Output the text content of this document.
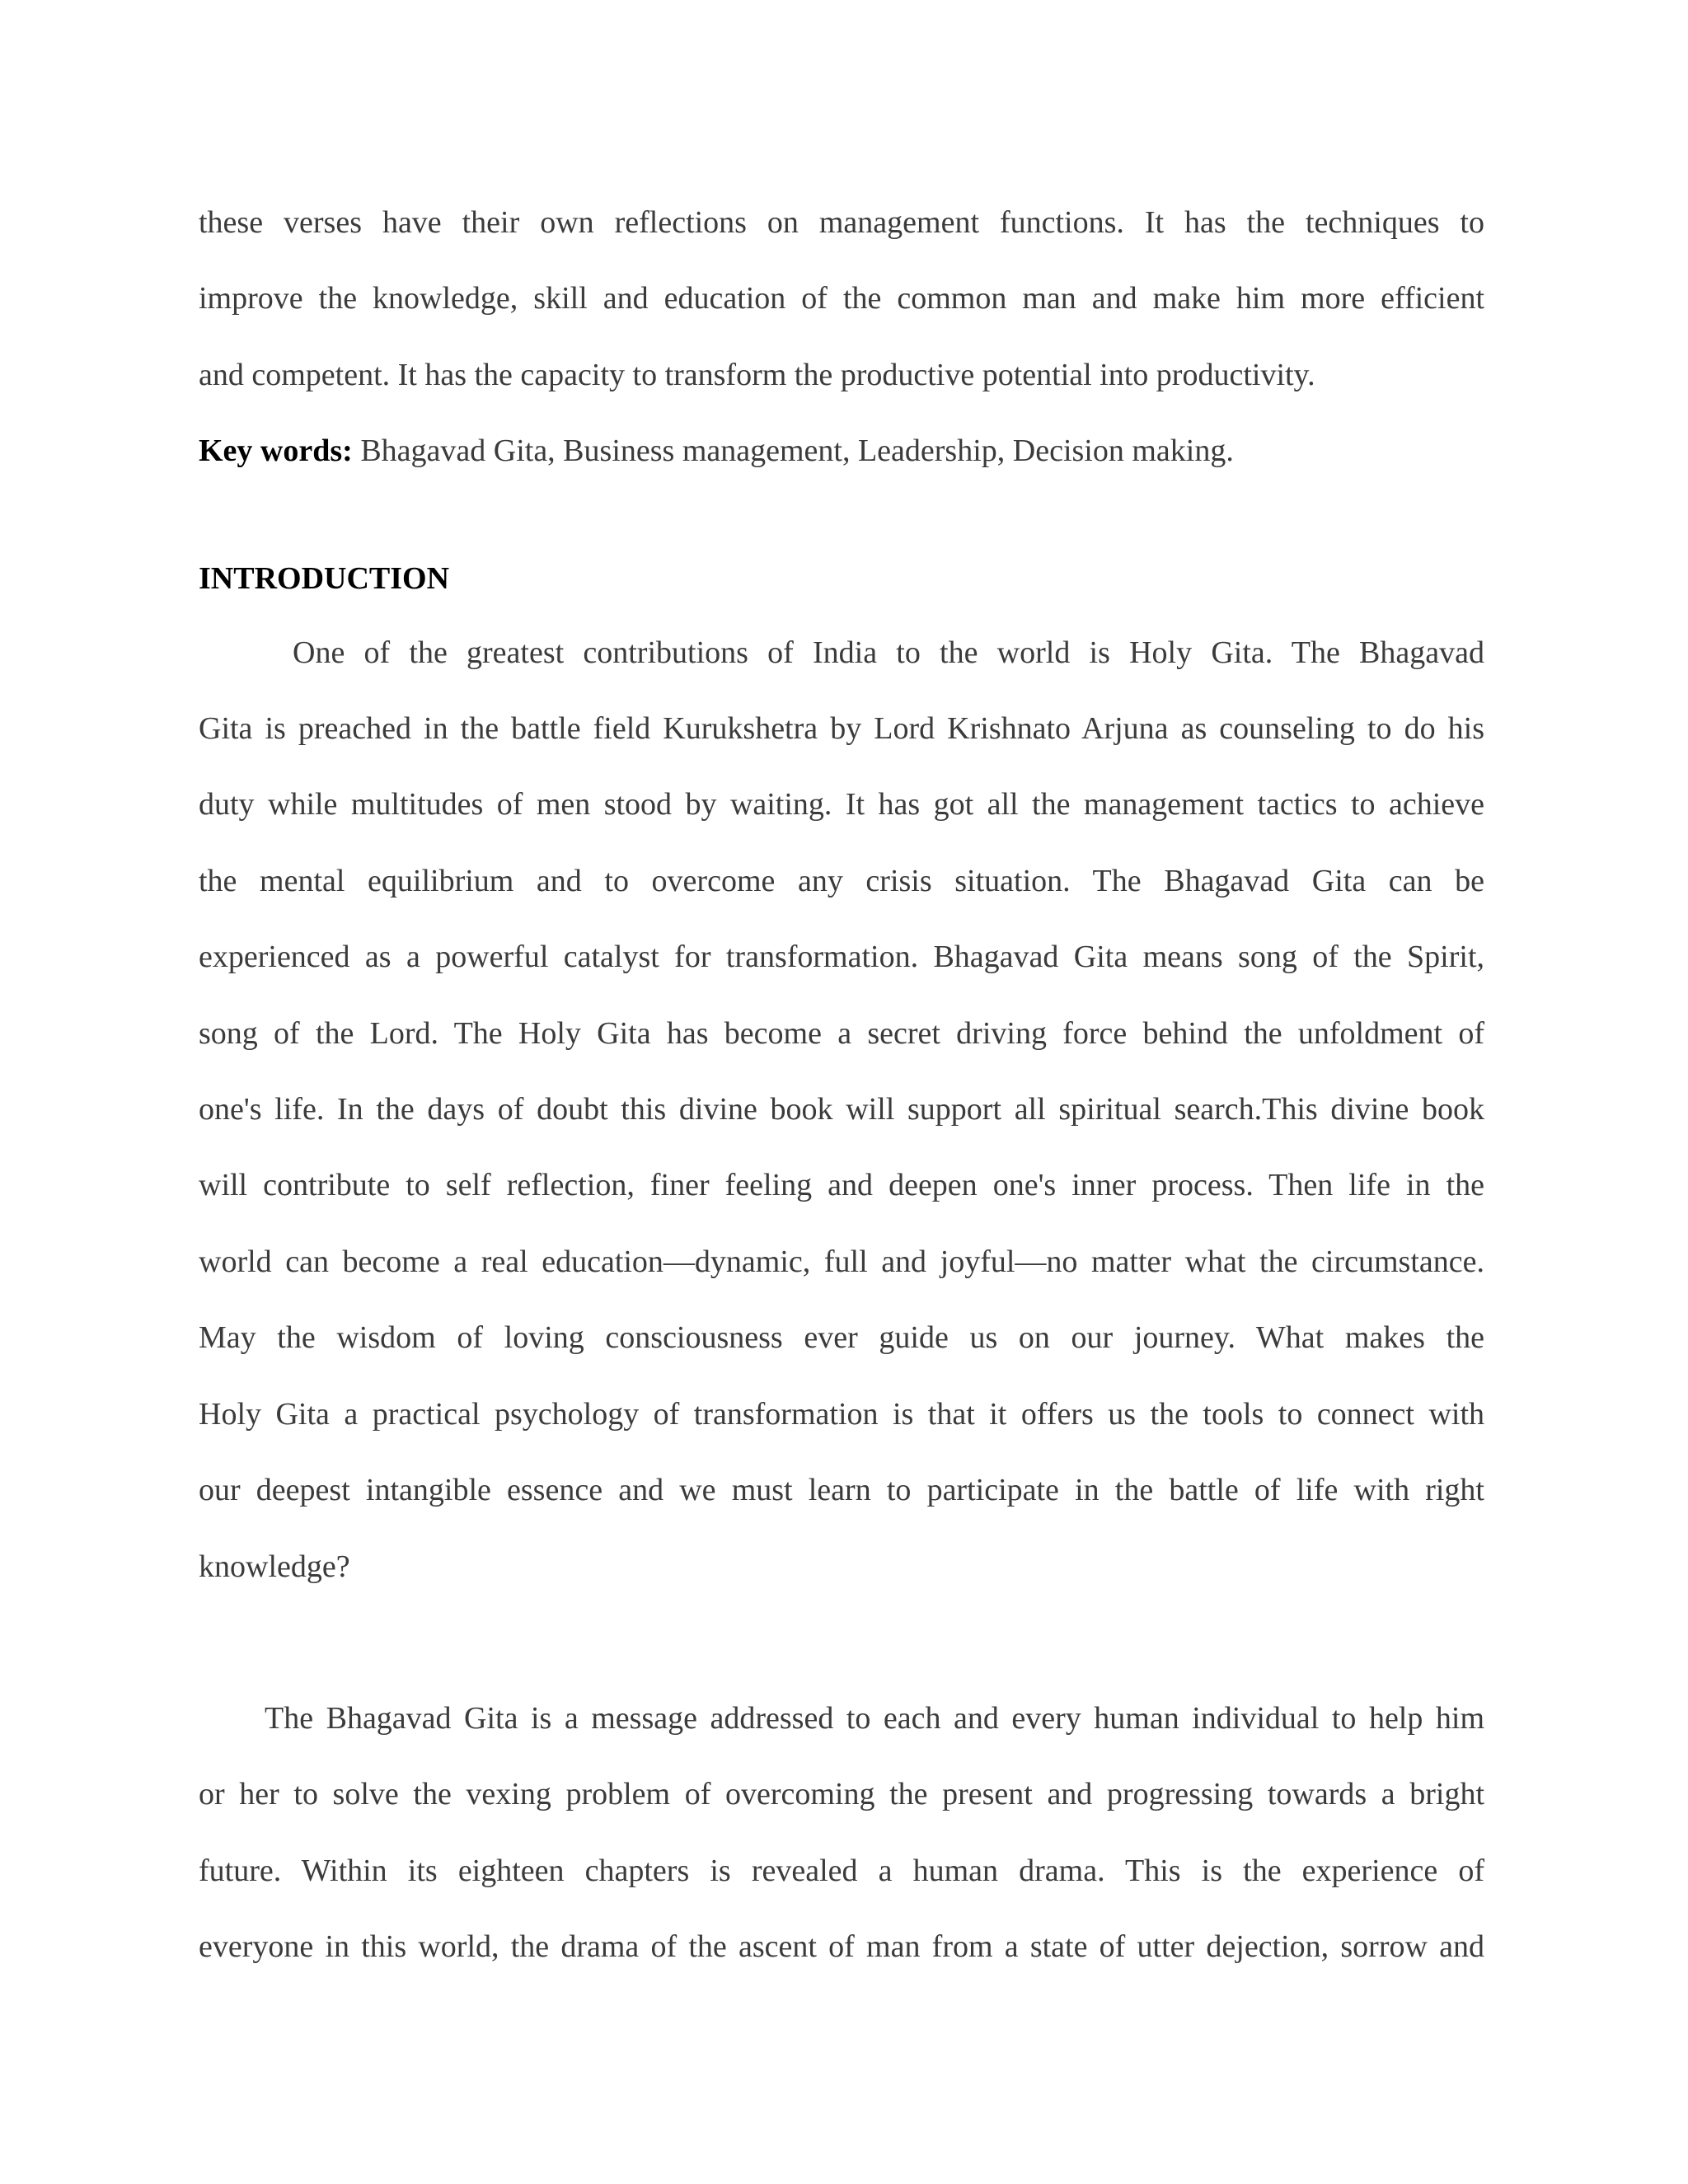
these verses have their own reflections on management functions. It has the techniques to
improve the knowledge, skill and education of the common man and make him more efficient
and competent. It has the capacity to transform the productive potential into productivity.

Key words: Bhagavad Gita, Business management, Leadership, Decision making.
INTRODUCTION

One of the greatest contributions of India to the world is Holy Gita. The Bhagavad
Gita is preached in the battle field Kurukshetra by Lord Krishnato Arjuna as counseling to do his
duty while multitudes of men stood by waiting. It has got all the management tactics to achieve
the mental equilibrium and to overcome any crisis situation. The Bhagavad Gita can be
experienced as a powerful catalyst for transformation. Bhagavad Gita means song of the Spirit,
song of the Lord. The Holy Gita has become a secret driving force behind the unfoldment of
one's life. In the days of doubt this divine book will support all spiritual search.This divine book
will contribute to self reflection, finer feeling and deepen one's inner process. Then life in the
world can become a real education—dynamic, full and joyful—no matter what the circumstance.
May the wisdom of loving consciousness ever guide us on our journey. What makes the
Holy Gita a practical psychology of transformation is that it offers us the tools to connect with
our deepest intangible essence and we must learn to participate in the battle of life with right
knowledge?

The Bhagavad Gita is a message addressed to each and every human individual to help him
or her to solve the vexing problem of overcoming the present and progressing towards a bright
future. Within its eighteen chapters is revealed a human drama. This is the experience of
everyone in this world, the drama of the ascent of man from a state of utter dejection, sorrow and
